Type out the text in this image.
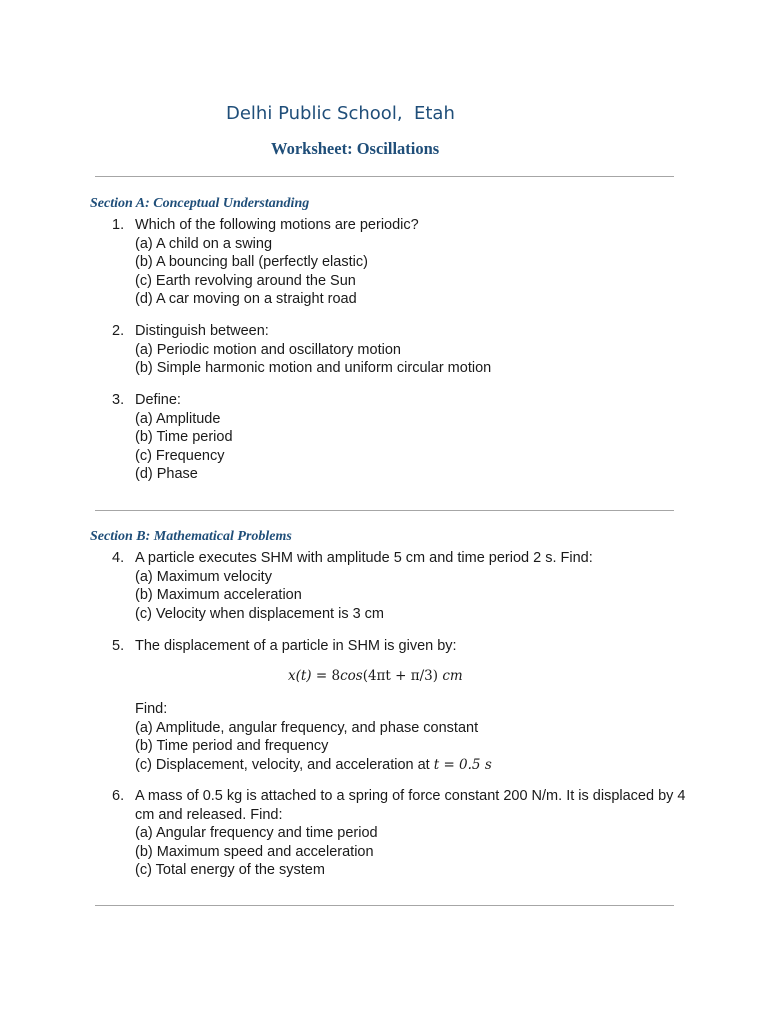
Delhi Public School,  Etah
Worksheet: Oscillations
Section A: Conceptual Understanding
1. Which of the following motions are periodic?
(a) A child on a swing
(b) A bouncing ball (perfectly elastic)
(c) Earth revolving around the Sun
(d) A car moving on a straight road
2. Distinguish between:
(a) Periodic motion and oscillatory motion
(b) Simple harmonic motion and uniform circular motion
3. Define:
(a) Amplitude
(b) Time period
(c) Frequency
(d) Phase
Section B: Mathematical Problems
4. A particle executes SHM with amplitude 5 cm and time period 2 s. Find:
(a) Maximum velocity
(b) Maximum acceleration
(c) Velocity when displacement is 3 cm
5. The displacement of a particle in SHM is given by:
x(t) = 8cos(4πt + π/3) cm
Find:
(a) Amplitude, angular frequency, and phase constant
(b) Time period and frequency
(c) Displacement, velocity, and acceleration at t = 0.5 s
6. A mass of 0.5 kg is attached to a spring of force constant 200 N/m. It is displaced by 4 cm and released. Find:
(a) Angular frequency and time period
(b) Maximum speed and acceleration
(c) Total energy of the system
